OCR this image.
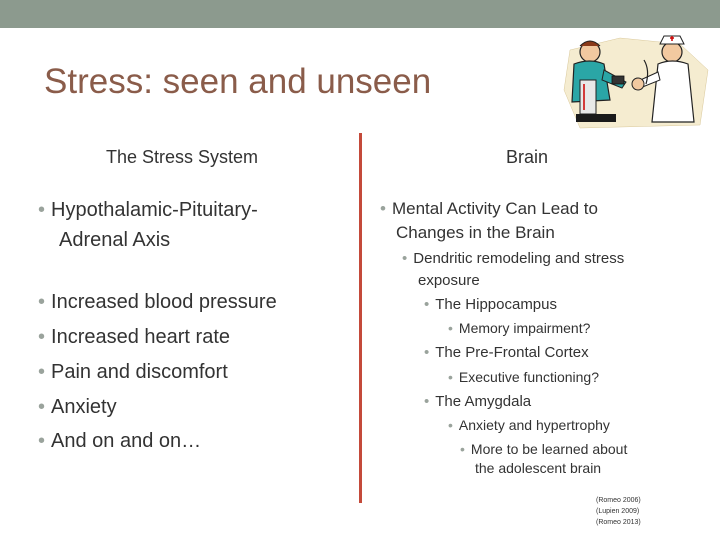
Stress: seen and unseen
The Stress System	Brain
• Hypothalamic-Pituitary-
Adrenal Axis
• Increased blood pressure
• Increased heart rate
• Pain and discomfort
• Anxiety
• And on and on…
• Mental Activity Can Lead to
Changes in the Brain
• Dendritic remodeling and stress
exposure
• The Hippocampus
• Memory impairment?
• The Pre-Frontal Cortex
• Executive functioning?
• The Amygdala
• Anxiety and hypertrophy
• More to be learned about
the adolescent brain
(Romeo 2006)
(Lupien 2009)
(Romeo 2013)
